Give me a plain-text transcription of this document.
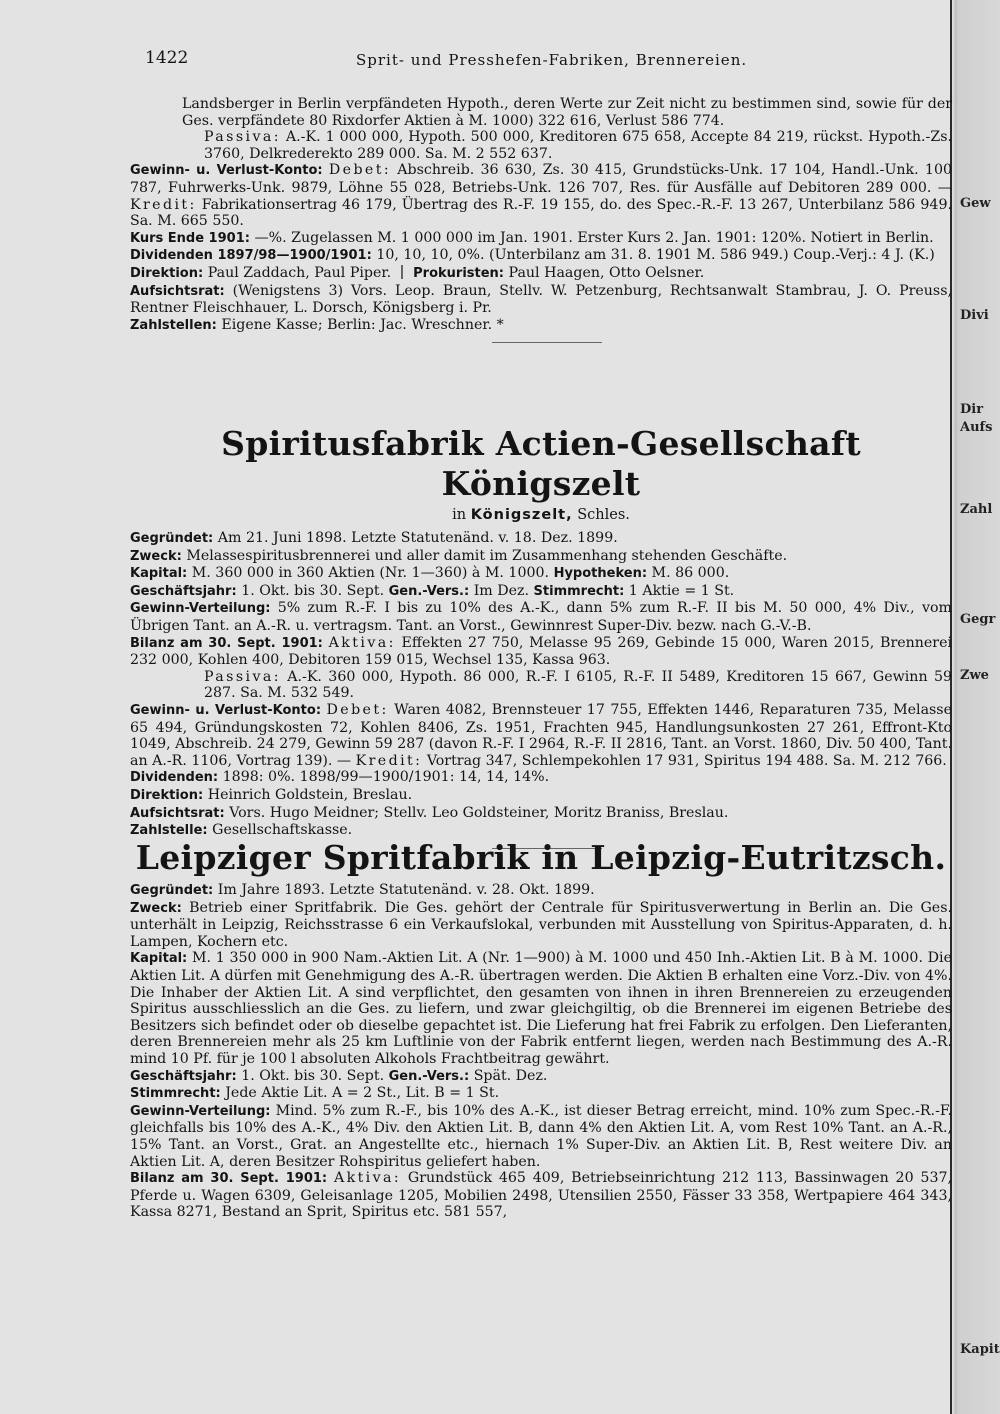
1422	Sprit- und Presshefen-Fabriken, Brennereien.
Gew
Divi
Dir
Aufs
Zahl
Gegr
Zwe
Kapit

Landsberger in Berlin verpfändeten Hypoth., deren Werte zur Zeit nicht zu bestimmen sind, sowie für der Ges. verpfändete 80 Rixdorfer Aktien à M. 1000) 322 616, Verlust 586 774.

Passiva: A.-K. 1 000 000, Hypoth. 500 000, Kreditoren 675 658, Accepte 84 219, rückst. Hypoth.-Zs. 3760, Delkrederekto 289 000. Sa. M. 2 552 637.

Gewinn- u. Verlust-Konto: Debet: Abschreib. 36 630, Zs. 30 415, Grundstücks-Unk. 17 104, Handl.-Unk. 100 787, Fuhrwerks-Unk. 9879, Löhne 55 028, Betriebs-Unk. 126 707, Res. für Ausfälle auf Debitoren 289 000. — Kredit: Fabrikationsertrag 46 179, Übertrag des R.-F. 19 155, do. des Spec.-R.-F. 13 267, Unterbilanz 586 949. Sa. M. 665 550.

Kurs Ende 1901: —%. Zugelassen M. 1 000 000 im Jan. 1901. Erster Kurs 2. Jan. 1901: 120%. Notiert in Berlin.

Dividenden 1897/98—1900/1901: 10, 10, 10, 0%. (Unterbilanz am 31. 8. 1901 M. 586 949.) Coup.-Verj.: 4 J. (K.)

Direktion: Paul Zaddach, Paul Piper. Prokuristen: Paul Haagen, Otto Oelsner.

Aufsichtsrat: (Wenigstens 3) Vors. Leop. Braun, Stellv. W. Petzenburg, Rechtsanwalt Stambrau, J. O. Preuss, Rentner Fleischhauer, L. Dorsch, Königsberg i. Pr.

Zahlstellen: Eigene Kasse; Berlin: Jac. Wreschner. *

Spiritusfabrik Actien-Gesellschaft Königszelt
in Königszelt, Schles.

Gegründet: Am 21. Juni 1898. Letzte Statutenänd. v. 18. Dez. 1899.

Zweck: Melassespiritusbrennerei und aller damit im Zusammenhang stehenden Geschäfte.

Kapital: M. 360 000 in 360 Aktien (Nr. 1—360) à M. 1000. Hypotheken: M. 86 000.

Geschäftsjahr: 1. Okt. bis 30. Sept. Gen.-Vers.: Im Dez. Stimmrecht: 1 Aktie = 1 St.

Gewinn-Verteilung: 5% zum R.-F. I bis zu 10% des A.-K., dann 5% zum R.-F. II bis M. 50 000, 4% Div., vom Übrigen Tant. an A.-R. u. vertragsm. Tant. an Vorst., Gewinnrest Super-Div. bezw. nach G.-V.-B.

Bilanz am 30. Sept. 1901: Aktiva: Effekten 27 750, Melasse 95 269, Gebinde 15 000, Waren 2015, Brennerei 232 000, Kohlen 400, Debitoren 159 015, Wechsel 135, Kassa 963.

Passiva: A.-K. 360 000, Hypoth. 86 000, R.-F. I 6105, R.-F. II 5489, Kreditoren 15 667, Gewinn 59 287. Sa. M. 532 549.

Gewinn- u. Verlust-Konto: Debet: Waren 4082, Brennsteuer 17 755, Effekten 1446, Reparaturen 735, Melasse 65 494, Gründungskosten 72, Kohlen 8406, Zs. 1951, Frachten 945, Handlungsunkosten 27 261, Effront-Kto 1049, Abschreib. 24 279, Gewinn 59 287 (davon R.-F. I 2964, R.-F. II 2816, Tant. an Vorst. 1860, Div. 50 400, Tant. an A.-R. 1106, Vortrag 139). — Kredit: Vortrag 347, Schlempekohlen 17 931, Spiritus 194 488. Sa. M. 212 766.

Dividenden: 1898: 0%. 1898/99—1900/1901: 14, 14, 14%.

Direktion: Heinrich Goldstein, Breslau.

Aufsichtsrat: Vors. Hugo Meidner; Stellv. Leo Goldsteiner, Moritz Braniss, Breslau.

Zahlstelle: Gesellschaftskasse.

Leipziger Spritfabrik in Leipzig-Eutritzsch.

Gegründet: Im Jahre 1893. Letzte Statutenänd. v. 28. Okt. 1899.

Zweck: Betrieb einer Spritfabrik. Die Ges. gehört der Centrale für Spiritusverwertung in Berlin an. Die Ges. unterhält in Leipzig, Reichsstrasse 6 ein Verkaufslokal, verbunden mit Ausstellung von Spiritus-Apparaten, d. h. Lampen, Kochern etc.

Kapital: M. 1 350 000 in 900 Nam.-Aktien Lit. A (Nr. 1—900) à M. 1000 und 450 Inh.-Aktien Lit. B à M. 1000. Die Aktien Lit. A dürfen mit Genehmigung des A.-R. übertragen werden. Die Aktien B erhalten eine Vorz.-Div. von 4%. Die Inhaber der Aktien Lit. A sind verpflichtet, den gesamten von ihnen in ihren Brennereien zu erzeugenden Spiritus ausschliesslich an die Ges. zu liefern, und zwar gleichgiltig, ob die Brennerei im eigenen Betriebe des Besitzers sich befindet oder ob dieselbe gepachtet ist. Die Lieferung hat frei Fabrik zu erfolgen. Den Lieferanten, deren Brennereien mehr als 25 km Luftlinie von der Fabrik entfernt liegen, werden nach Bestimmung des A.-R. mind 10 Pf. für je 100 l absoluten Alkohols Frachtbeitrag gewährt.

Geschäftsjahr: 1. Okt. bis 30. Sept. Gen.-Vers.: Spät. Dez.

Stimmrecht: Jede Aktie Lit. A = 2 St., Lit. B = 1 St.

Gewinn-Verteilung: Mind. 5% zum R.-F., bis 10% des A.-K., ist dieser Betrag erreicht, mind. 10% zum Spec.-R.-F. gleichfalls bis 10% des A.-K., 4% Div. den Aktien Lit. B, dann 4% den Aktien Lit. A, vom Rest 10% Tant. an A.-R., 15% Tant. an Vorst., Grat. an Angestellte etc., hiernach 1% Super-Div. an Aktien Lit. B, Rest weitere Div. an Aktien Lit. A, deren Besitzer Rohspiritus geliefert haben.

Bilanz am 30. Sept. 1901: Aktiva: Grundstück 465 409, Betriebseinrichtung 212 113, Bassinwagen 20 537, Pferde u. Wagen 6309, Geleisanlage 1205, Mobilien 2498, Utensilien 2550, Fässer 33 358, Wertpapiere 464 343, Kassa 8271, Bestand an Sprit, Spiritus etc. 581 557,
